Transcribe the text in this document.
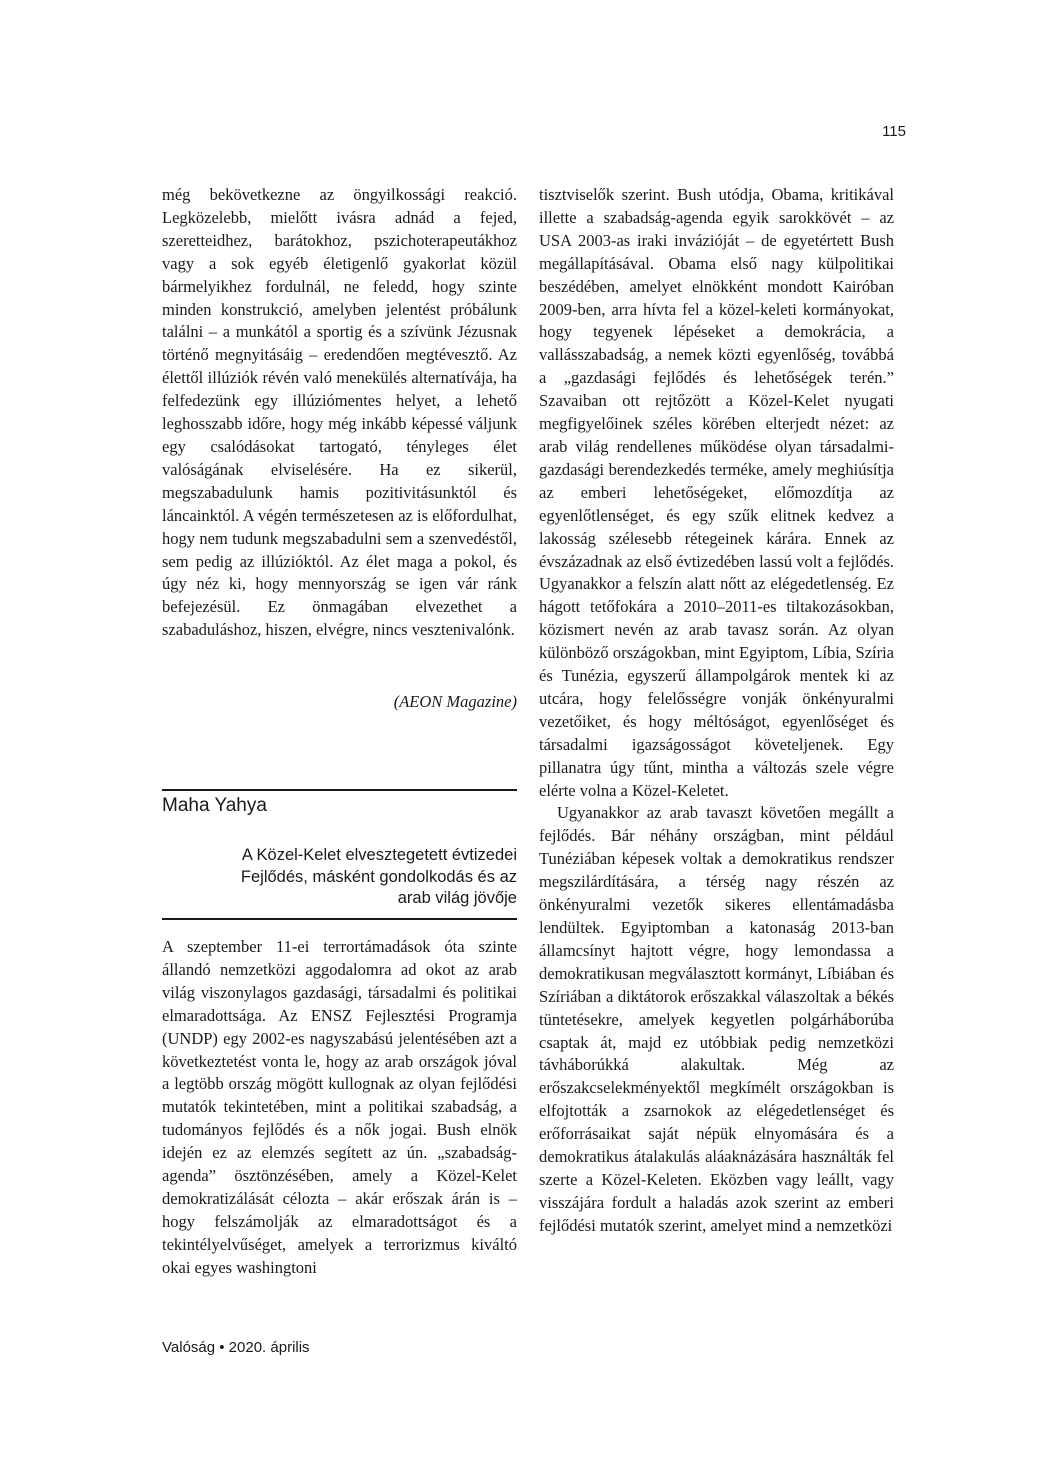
115

még bekövetkezne az öngyilkossági reakció. Legközelebb, mielőtt ivásra adnád a fejed, szeretteidhez, barátokhoz, pszichoterapeutákhoz vagy a sok egyéb életigenlő gyakorlat közül bármelyikhez fordulnál, ne feledd, hogy szinte minden konstrukció, amelyben jelentést próbálunk találni – a munkától a sportig és a szívünk Jézusnak történő megnyitásáig – eredendően megtévesztő. Az élettől illúziók révén való menekülés alternatívája, ha felfedezünk egy illúziómentes helyet, a lehető leghosszabb időre, hogy még inkább képessé váljunk egy csalódásokat tartogató, tényleges élet valóságának elviselésére. Ha ez sikerül, megszabadulunk hamis pozitivitásunktól és láncainktól. A végén természetesen az is előfordulhat, hogy nem tudunk megszabadulni sem a szenvedéstől, sem pedig az illúzióktól. Az élet maga a pokol, és úgy néz ki, hogy mennyország se igen vár ránk befejezésül. Ez önmagában elvezethet a szabaduláshoz, hiszen, elvégre, nincs vesztenivalónk.

(AEON Magazine)
Maha Yahya
A Közel-Kelet elvesztegetett évtizedei
Fejlődés, másként gondolkodás és az
arab világ jövője

A szeptember 11-ei terrortámadások óta szinte állandó nemzetközi aggodalomra ad okot az arab világ viszonylagos gazdasági, társadalmi és politikai elmaradottsága. Az ENSZ Fejlesztési Programja (UNDP) egy 2002-es nagyszabású jelentésében azt a következtetést vonta le, hogy az arab országok jóval a legtöbb ország mögött kullognak az olyan fejlődési mutatók tekintetében, mint a politikai szabadság, a tudományos fejlődés és a nők jogai. Bush elnök idején ez az elemzés segített az ún. „szabadság-agenda” ösztönzésében, amely a Közel-Kelet demokratizálását célozta – akár erőszak árán is – hogy felszámolják az elmaradottságot és a tekintélyelvűséget, amelyek a terrorizmus kiváltó okai egyes washingtoni

tisztviselők szerint. Bush utódja, Obama, kritikával illette a szabadság-agenda egyik sarokkövét – az USA 2003-as iraki invázióját – de egyetértett Bush megállapításával. Obama első nagy külpolitikai beszédében, amelyet elnökként mondott Kairóban 2009-ben, arra hívta fel a közel-keleti kormányokat, hogy tegyenek lépéseket a demokrácia, a vallásszabadság, a nemek közti egyenlőség, továbbá a „gazdasági fejlődés és lehetőségek terén.” Szavaiban ott rejtőzött a Közel-Kelet nyugati megfigyelőinek széles körében elterjedt nézet: az arab világ rendellenes működése olyan társadalmi-gazdasági berendezkedés terméke, amely meghiúsítja az emberi lehetőségeket, előmozdítja az egyenlőtlenséget, és egy szűk elitnek kedvez a lakosság szélesebb rétegeinek kárára. Ennek az évszázadnak az első évtizedében lassú volt a fejlődés. Ugyanakkor a felszín alatt nőtt az elégedetlenség. Ez hágott tetőfokára a 2010–2011-es tiltakozásokban, közismert nevén az arab tavasz során. Az olyan különböző országokban, mint Egyiptom, Líbia, Szíria és Tunézia, egyszerű állampolgárok mentek ki az utcára, hogy felelősségre vonják önkényuralmi vezetőiket, és hogy méltóságot, egyenlőséget és társadalmi igazságosságot követeljenek. Egy pillanatra úgy tűnt, mintha a változás szele végre elérte volna a Közel-Keletet.

Ugyanakkor az arab tavaszt követően megállt a fejlődés. Bár néhány országban, mint például Tunéziában képesek voltak a demokratikus rendszer megszilárdítására, a térség nagy részén az önkényuralmi vezetők sikeres ellentámadásba lendültek. Egyiptomban a katonaság 2013-ban államcsínyt hajtott végre, hogy lemondassa a demokratikusan megválasztott kormányt, Líbiában és Szíriában a diktátorok erőszakkal válaszoltak a békés tüntetésekre, amelyek kegyetlen polgárháborúba csaptak át, majd ez utóbbiak pedig nemzetközi távháborúkká alakultak. Még az erőszakcselekményektől megkímélt országokban is elfojtották a zsarnokok az elégedetlenséget és erőforrásaikat saját népük elnyomására és a demokratikus átalakulás aláaknázására használták fel szerte a Közel-Keleten. Eközben vagy leállt, vagy visszájára fordult a haladás azok szerint az emberi fejlődési mutatók szerint, amelyet mind a nemzetközi

Valóság • 2020. április
